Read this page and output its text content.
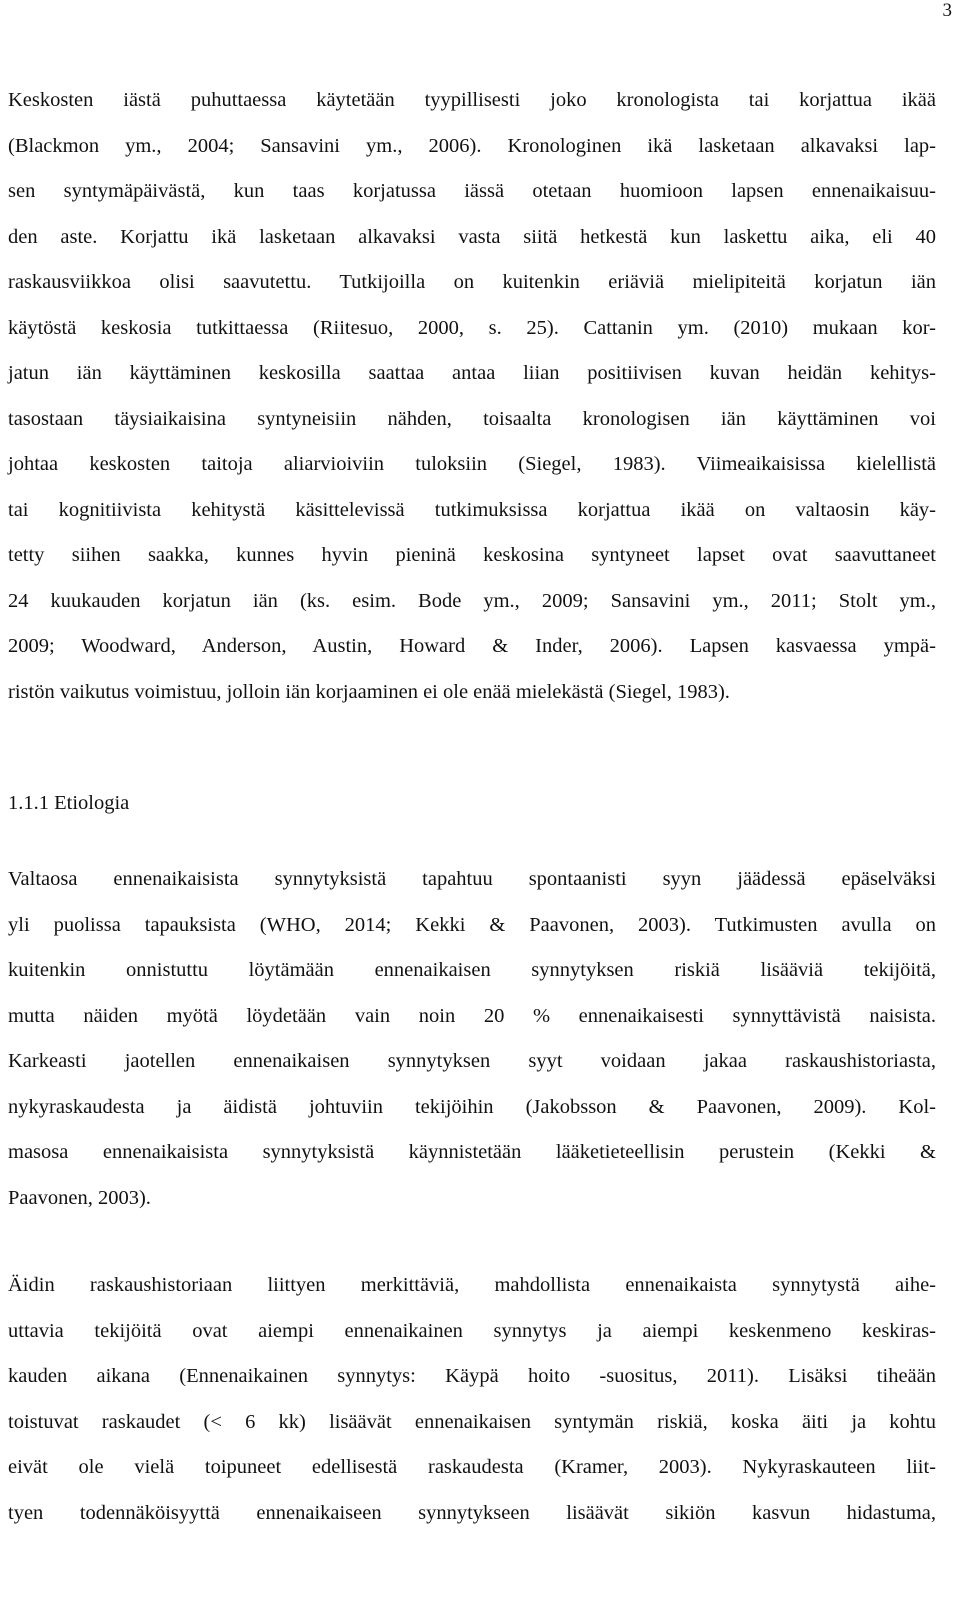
3
Keskosten iästä puhuttaessa käytetään tyypillisesti joko kronologista tai korjattua ikää
(Blackmon ym., 2004; Sansavini ym., 2006). Kronologinen ikä lasketaan alkavaksi lap-
sen syntymäpäivästä, kun taas korjatussa iässä otetaan huomioon lapsen ennenaikaisuu-
den aste. Korjattu ikä lasketaan alkavaksi vasta siitä hetkestä kun laskettu aika, eli 40
raskausviikkoa olisi saavutettu. Tutkijoilla on kuitenkin eriäviä mielipiteitä korjatun iän
käytöstä keskosia tutkittaessa (Riitesuo, 2000, s. 25). Cattanin ym. (2010) mukaan kor-
jatun iän käyttäminen keskosilla saattaa antaa liian positiivisen kuvan heidän kehitys-
tasostaan täysiaikaisina syntyneisiin nähden, toisaalta kronologisen iän käyttäminen voi
johtaa keskosten taitoja aliarvioiviin tuloksiin (Siegel, 1983). Viimeaikaisissa kielellistä
tai kognitiivista kehitystä käsittelevissä tutkimuksissa korjattua ikää on valtaosin käy-
tetty siihen saakka, kunnes hyvin pieninä keskosina syntyneet lapset ovat saavuttaneet
24 kuukauden korjatun iän (ks. esim. Bode ym., 2009; Sansavini ym., 2011; Stolt ym.,
2009; Woodward, Anderson, Austin, Howard & Inder, 2006). Lapsen kasvaessa ympä-
ristön vaikutus voimistuu, jolloin iän korjaaminen ei ole enää mielekästä (Siegel, 1983).
1.1.1 Etiologia
Valtaosa ennenaikaisista synnytyksistä tapahtuu spontaanisti syyn jäädessä epäselväksi
yli puolissa tapauksista (WHO, 2014; Kekki & Paavonen, 2003). Tutkimusten avulla on
kuitenkin onnistuttu löytämään ennenaikaisen synnytyksen riskiä lisääviä tekijöitä,
mutta näiden myötä löydetään vain noin 20 % ennenaikaisesti synnyttävistä naisista.
Karkeasti jaotellen ennenaikaisen synnytyksen syyt voidaan jakaa raskaushistoriasta,
nykyraskaudesta ja äidistä johtuviin tekijöihin (Jakobsson & Paavonen, 2009). Kol-
masosa ennenaikaisista synnytyksistä käynnistetään lääketieteellisin perustein (Kekki &
Paavonen, 2003).
Äidin raskaushistoriaan liittyen merkittäviä, mahdollista ennenaikaista synnytystä aihe-
uttavia tekijöitä ovat aiempi ennenaikainen synnytys ja aiempi keskenmeno keskiras-
kauden aikana (Ennenaikainen synnytys: Käypä hoito -suositus, 2011). Lisäksi tiheään
toistuvat raskaudet (< 6 kk) lisäävät ennenaikaisen syntymän riskiä, koska äiti ja kohtu
eivät ole vielä toipuneet edellisestä raskaudesta (Kramer, 2003). Nykyraskauteen liit-
tyen todennäköisyyttä ennenaikaiseen synnytykseen lisäävät sikiön kasvun hidastuma,
